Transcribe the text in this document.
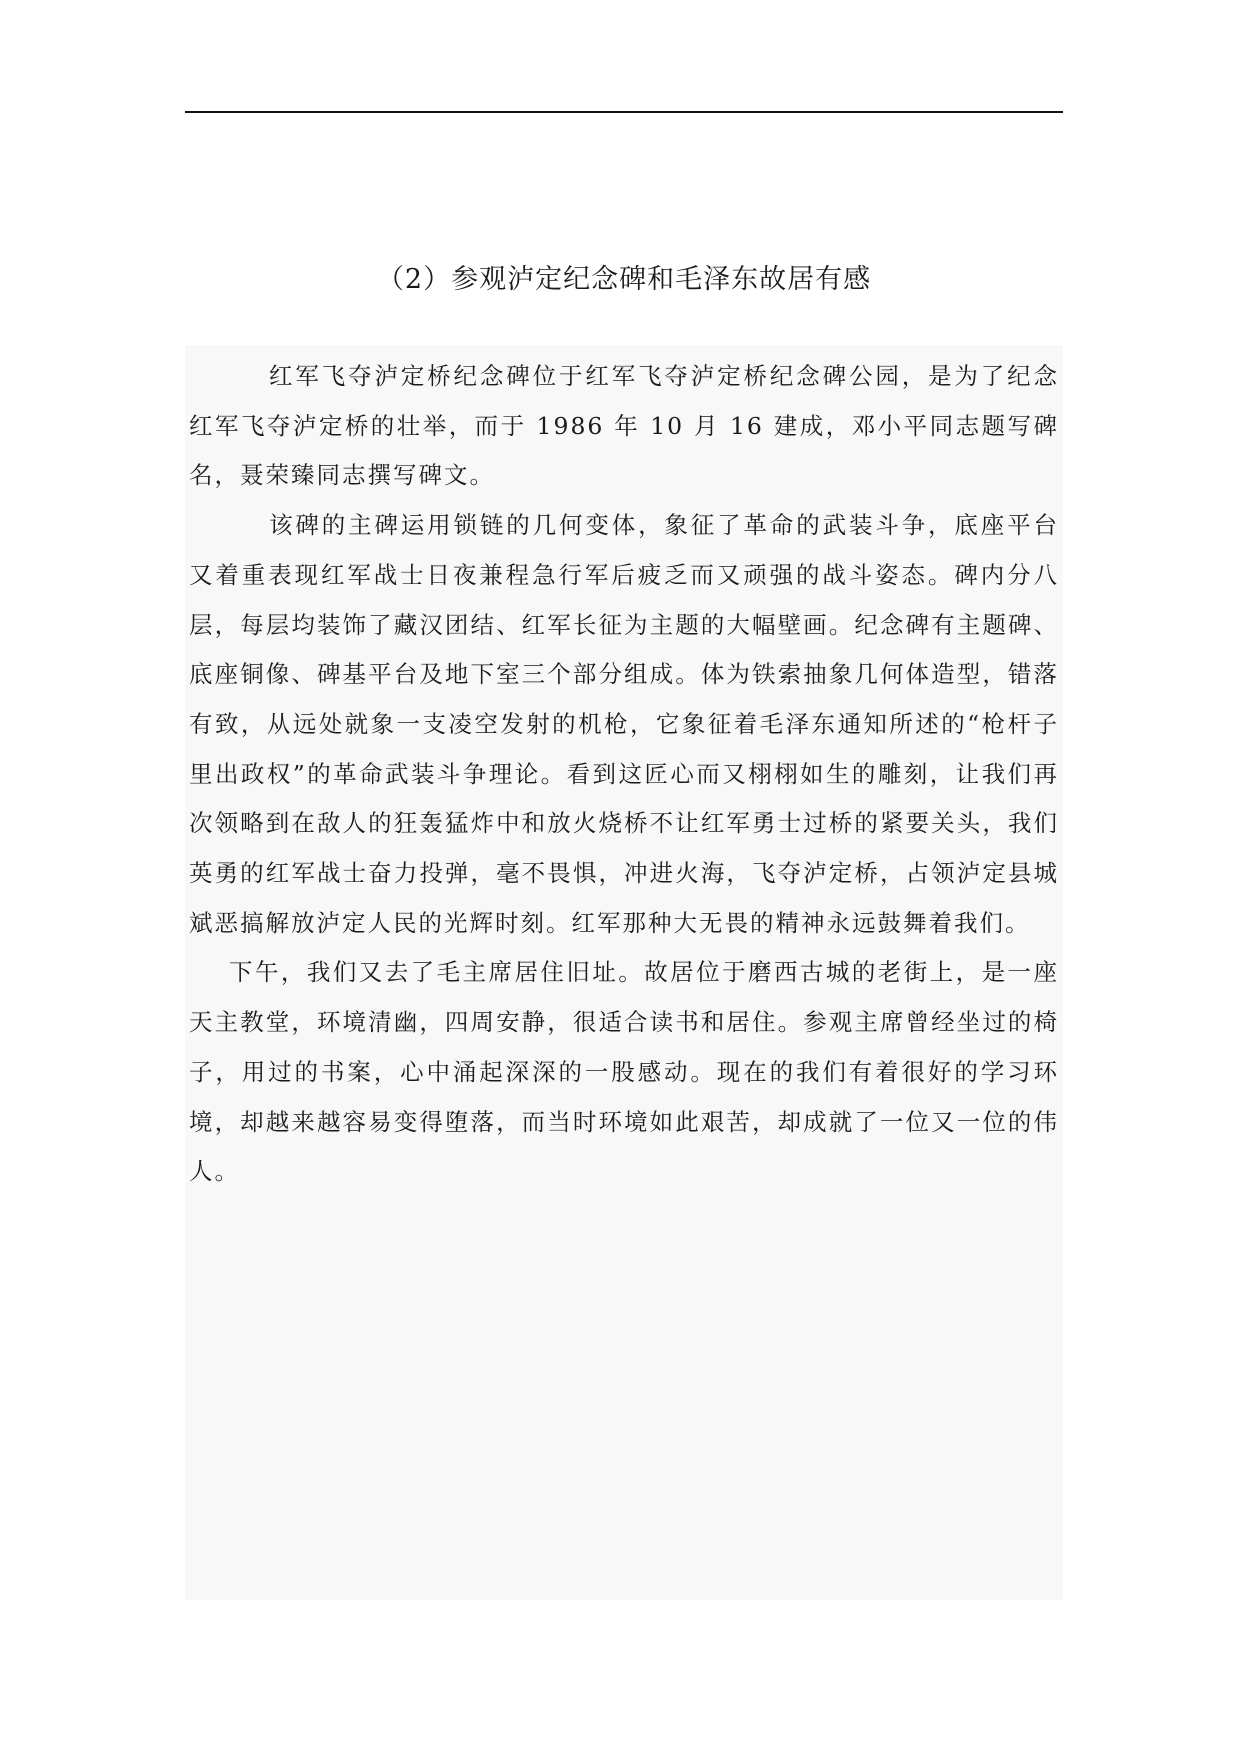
（2）参观泸定纪念碑和毛泽东故居有感

红军飞夺泸定桥纪念碑位于红军飞夺泸定桥纪念碑公园，是为了纪念红军飞夺泸定桥的壮举，而于 1986 年 10 月 16 建成，邓小平同志题写碑名，聂荣臻同志撰写碑文。

该碑的主碑运用锁链的几何变体，象征了革命的武装斗争，底座平台又着重表现红军战士日夜兼程急行军后疲乏而又顽强的战斗姿态。碑内分八层，每层均装饰了藏汉团结、红军长征为主题的大幅壁画。纪念碑有主题碑、底座铜像、碑基平台及地下室三个部分组成。体为铁索抽象几何体造型，错落有致，从远处就象一支凌空发射的机枪，它象征着毛泽东通知所述的“枪杆子里出政权”的革命武装斗争理论。看到这匠心而又栩栩如生的雕刻，让我们再次领略到在敌人的狂轰猛炸中和放火烧桥不让红军勇士过桥的紧要关头，我们英勇的红军战士奋力投弹，毫不畏惧，冲进火海，飞夺泸定桥，占领泸定县城斌恶搞解放泸定人民的光辉时刻。红军那种大无畏的精神永远鼓舞着我们。

下午，我们又去了毛主席居住旧址。故居位于磨西古城的老街上，是一座天主教堂，环境清幽，四周安静，很适合读书和居住。参观主席曾经坐过的椅子，用过的书案，心中涌起深深的一股感动。现在的我们有着很好的学习环境，却越来越容易变得堕落，而当时环境如此艰苦，却成就了一位又一位的伟人。
